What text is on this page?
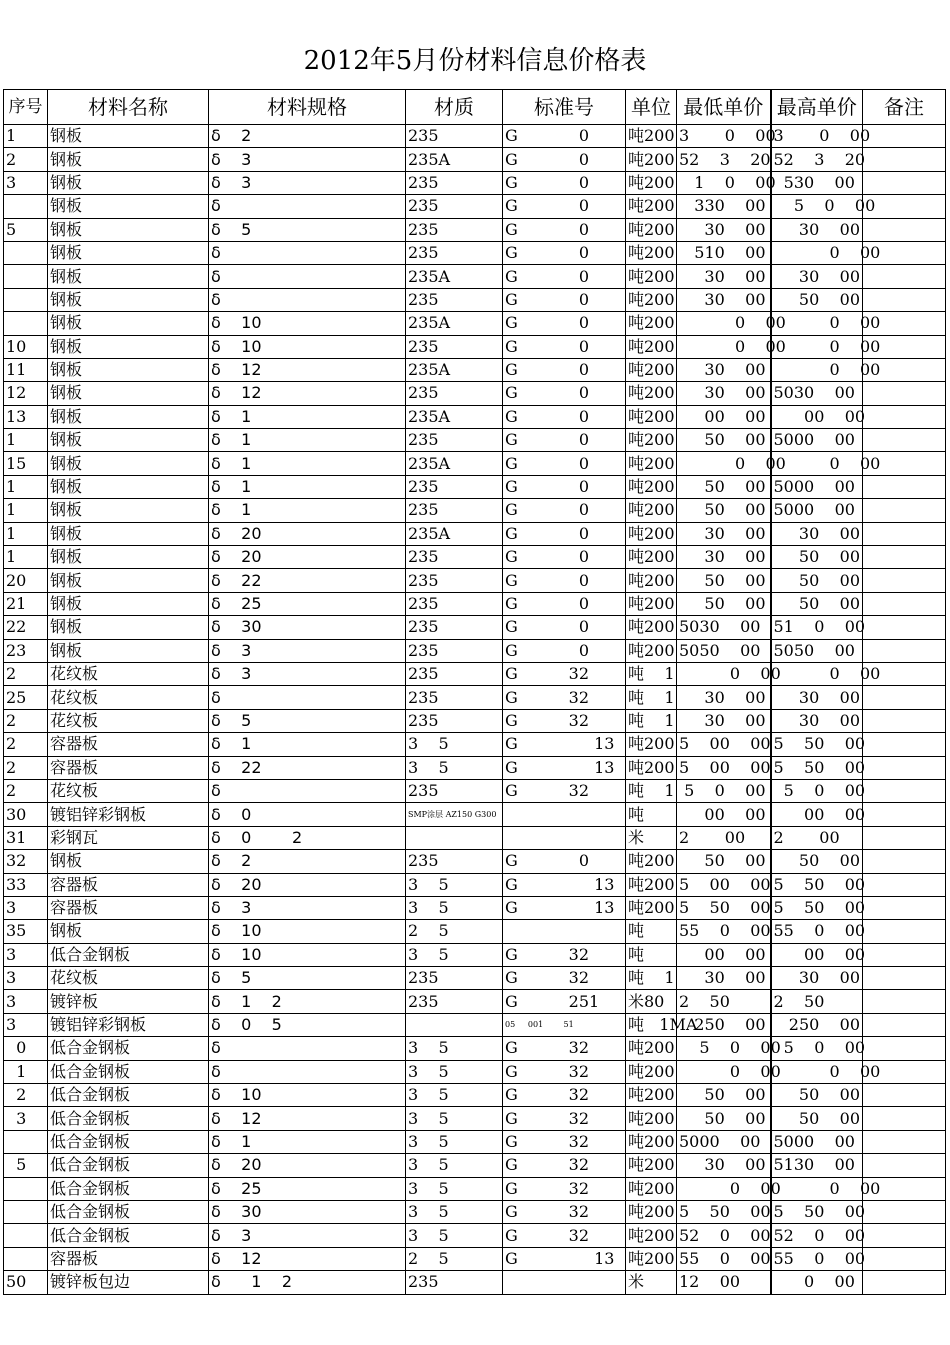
2012年5月份材料信息价格表
序号	材料名称	材料规格	材质	标准号	单位	最低单价	最高单价	备注
1	钢板	δ    2	235	G            0	吨200	3       0    00	3       0    00	
2	钢板	δ    3	235A	G            0	吨200	52    3    20	52    3    20	
3	钢板	δ    3	235	G            0	吨200	1    0    00	530    00	
	钢板	δ	235	G            0	吨200	330    00	5    0    00	
5	钢板	δ    5	235	G            0	吨200	30    00	30    00	
	钢板	δ	235	G            0	吨200	510    00	0    00	
	钢板	δ	235A	G            0	吨200	30    00	30    00	
	钢板	δ	235	G            0	吨200	30    00	50    00	
	钢板	δ    10	235A	G            0	吨200	0    00	0    00	
10	钢板	δ    10	235	G            0	吨200	0    00	0    00	
11	钢板	δ    12	235A	G            0	吨200	30    00	0    00	
12	钢板	δ    12	235	G            0	吨200	30    00	5030    00	
13	钢板	δ    1	235A	G            0	吨200	00    00	00    00	
1	钢板	δ    1	235	G            0	吨200	50    00	5000    00	
15	钢板	δ    1	235A	G            0	吨200	0    00	0    00	
1	钢板	δ    1	235	G            0	吨200	50    00	5000    00	
1	钢板	δ    1	235	G            0	吨200	50    00	5000    00	
1	钢板	δ    20	235A	G            0	吨200	30    00	30    00	
1	钢板	δ    20	235	G            0	吨200	30    00	50    00	
20	钢板	δ    22	235	G            0	吨200	50    00	50    00	
21	钢板	δ    25	235	G            0	吨200	50    00	50    00	
22	钢板	δ    30	235	G            0	吨200	5030    00	51    0    00	
23	钢板	δ    3	235	G            0	吨200	5050    00	5050    00	
2	花纹板	δ    3	235	G          32	吨    1	0    00	0    00	
25	花纹板	δ	235	G          32	吨    1	30    00	30    00	
2	花纹板	δ    5	235	G          32	吨    1	30    00	30    00	
2	容器板	δ    1	3    5	G               13	吨200	5    00    00	5    50    00	
2	容器板	δ    22	3    5	G               13	吨200	5    00    00	5    50    00	
2	花纹板	δ	235	G          32	吨    1	5    0    00	5    0    00	
30	镀铝锌彩钢板	δ    0	SMP涂层 AZ150 G300		吨	00    00	00    00	
31	彩钢瓦	δ    0        2			米	2       00	2       00	
32	钢板	δ    2	235	G            0	吨200	50    00	50    00	
33	容器板	δ    20	3    5	G               13	吨200	5    00    00	5    50    00	
3	容器板	δ    3	3    5	G               13	吨200	5    50    00	5    50    00	
35	钢板	δ    10	2    5		吨	55    0    00	55    0    00	
3	低合金钢板	δ    10	3    5	G          32	吨	00    00	00    00	
3	花纹板	δ    5	235	G          32	吨    1	30    00	30    00	
3	镀锌板	δ    1    2	235	G          251	米80	2    50	2    50	
3	镀铝锌彩钢板	δ    0    5		05     001        51	吨   1MA	250    00	250    00	
0	低合金钢板	δ	3    5	G          32	吨200	5    0    00	5    0    00	
1	低合金钢板	δ	3    5	G          32	吨200	0    00	0    00	
2	低合金钢板	δ    10	3    5	G          32	吨200	50    00	50    00	
3	低合金钢板	δ    12	3    5	G          32	吨200	50    00	50    00	
	低合金钢板	δ    1	3    5	G          32	吨200	5000    00	5000    00	
5	低合金钢板	δ    20	3    5	G          32	吨200	30    00	5130    00	
	低合金钢板	δ    25	3    5	G          32	吨200	0    00	0    00	
	低合金钢板	δ    30	3    5	G          32	吨200	5    50    00	5    50    00	
	低合金钢板	δ    3	3    5	G          32	吨200	52    0    00	52    0    00	
	容器板	δ    12	2    5	G               13	吨200	55    0    00	55    0    00	
50	镀锌板包边	δ      1    2	235		米	12    00	0    00	
